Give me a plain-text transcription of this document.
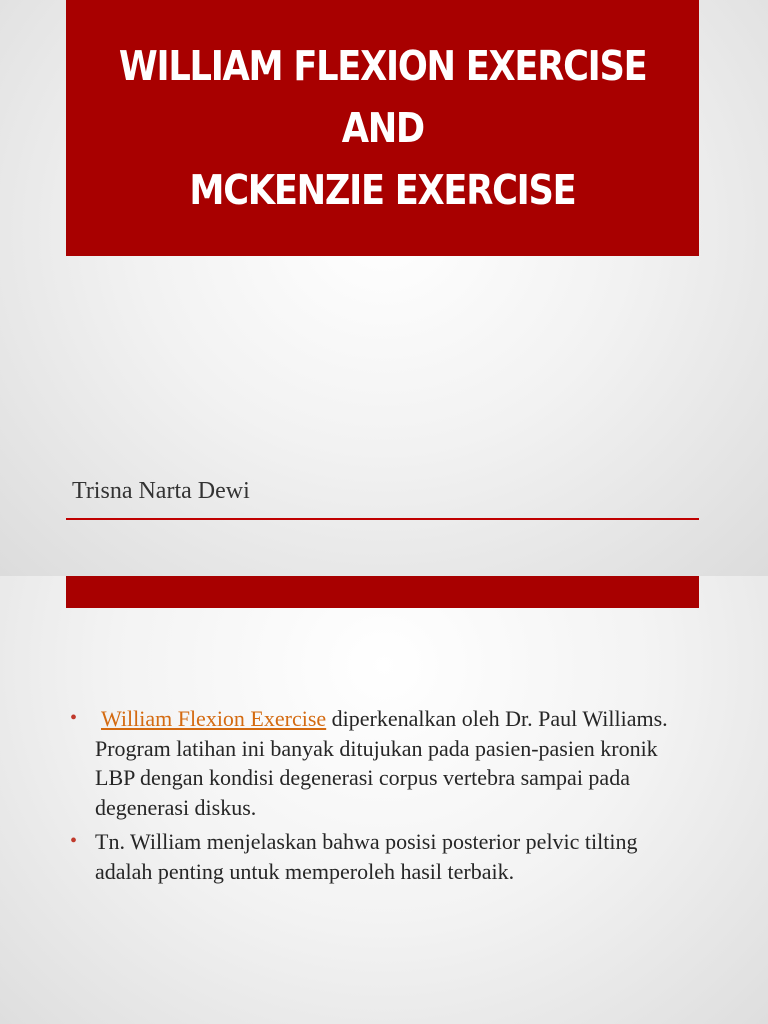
WILLIAM FLEXION EXERCISE
AND
MCKENZIE EXERCISE
Trisna Narta Dewi
• William Flexion Exercise diperkenalkan oleh Dr. Paul Williams. Program latihan ini banyak ditujukan pada pasien-pasien kronik LBP dengan kondisi degenerasi corpus vertebra sampai pada degenerasi diskus.
• Tn. William menjelaskan bahwa posisi posterior pelvic tilting adalah penting untuk memperoleh hasil terbaik.
